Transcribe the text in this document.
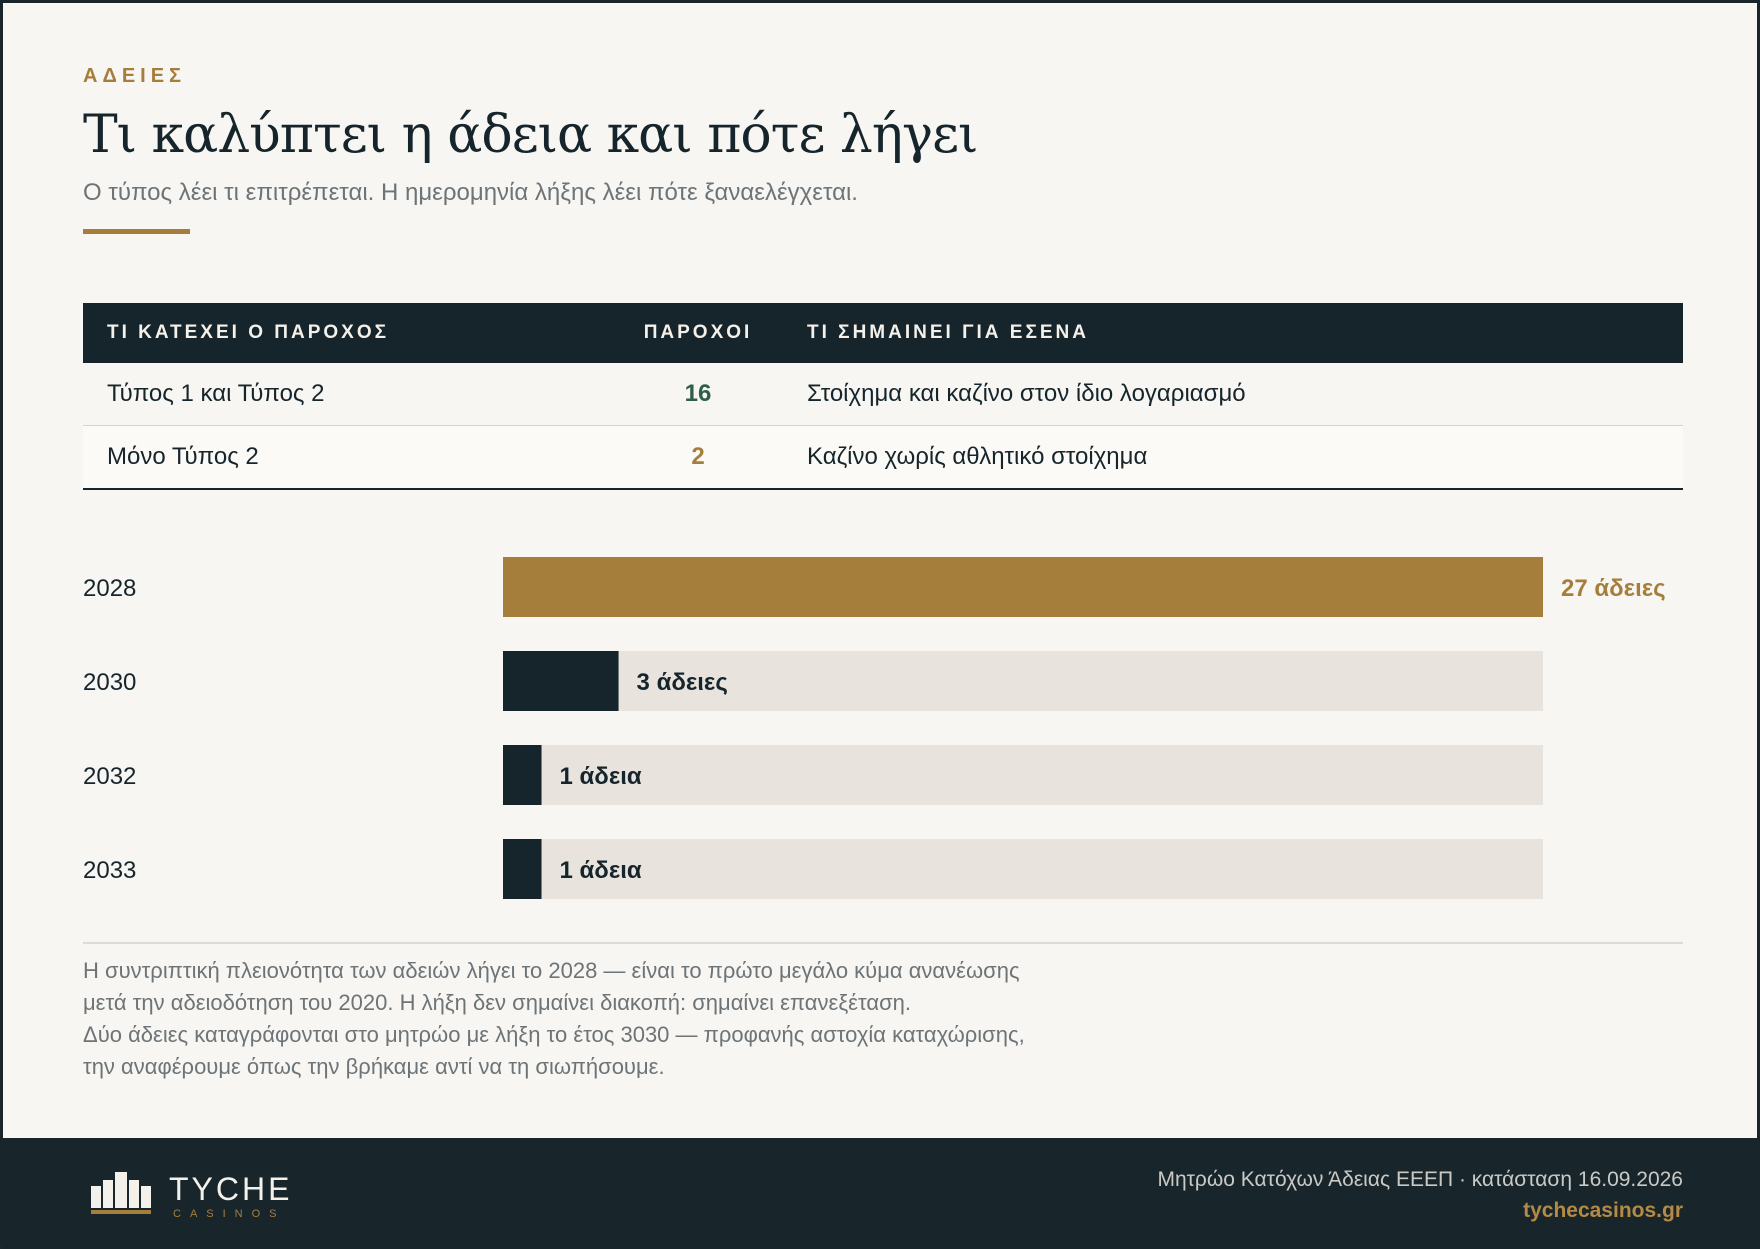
ΑΔΕΙΕΣ
Τι καλύπτει η άδεια και πότε λήγει
Ο τύπος λέει τι επιτρέπεται. Η ημερομηνία λήξης λέει πότε ξαναελέγχεται.
ΤΙ ΚΑΤΕΧΕΙ Ο ΠΑΡΟΧΟΣ	ΠΑΡΟΧΟΙ	ΤΙ ΣΗΜΑΙΝΕΙ ΓΙΑ ΕΣΕΝΑ
Τύπος 1 και Τύπος 2	16	Στοίχημα και καζίνο στον ίδιο λογαριασμό
Μόνο Τύπος 2	2	Καζίνο χωρίς αθλητικό στοίχημα
2028	27 άδειες
2030	3 άδειες
2032	1 άδεια
2033	1 άδεια

Η συντριπτική πλειονότητα των αδειών λήγει το 2028 — είναι το πρώτο μεγάλο κύμα ανανέωσης

μετά την αδειοδότηση του 2020. Η λήξη δεν σημαίνει διακοπή: σημαίνει επανεξέταση.

Δύο άδειες καταγράφονται στο μητρώο με λήξη το έτος 3030 — προφανής αστοχία καταχώρισης,

την αναφέρουμε όπως την βρήκαμε αντί να τη σιωπήσουμε.

TYCHE
CASINOS
Μητρώο Κατόχων Άδειας ΕΕΕΠ · κατάσταση 16.09.2026
tychecasinos.gr
